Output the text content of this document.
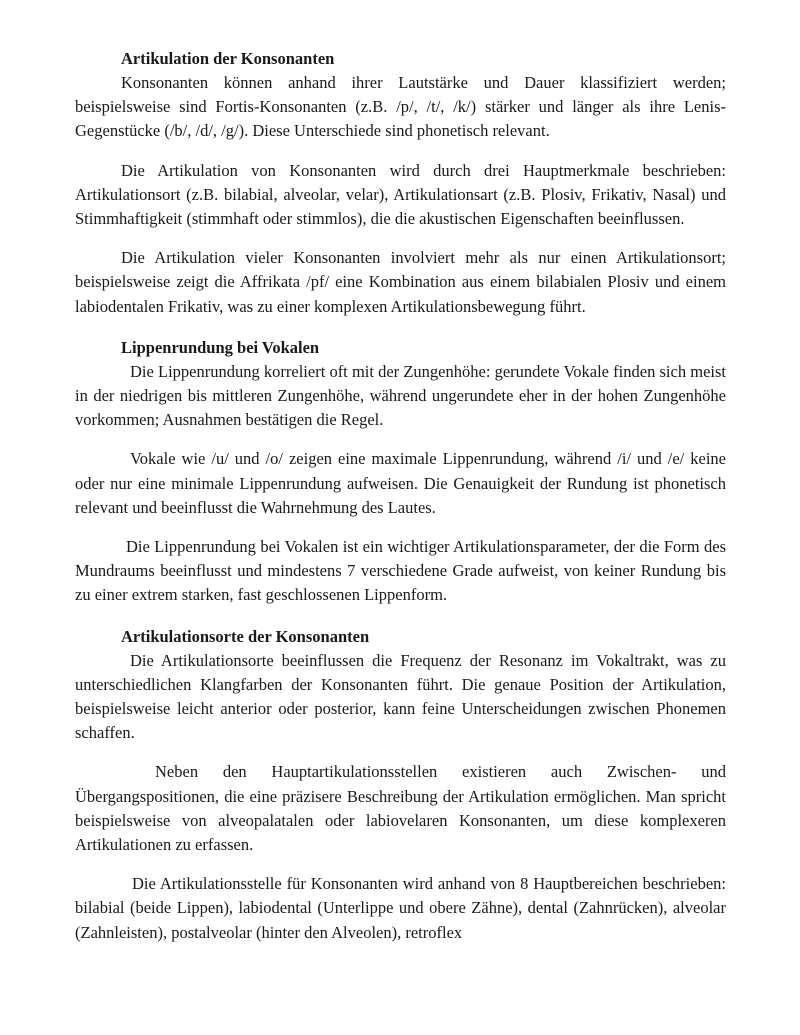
Artikulation der Konsonanten

Konsonanten können anhand ihrer Lautstärke und Dauer klassifiziert werden; beispielsweise sind Fortis-Konsonanten (z.B. /p/, /t/, /k/) stärker und länger als ihre Lenis-Gegenstücke (/b/, /d/, /g/). Diese Unterschiede sind phonetisch relevant.

Die Artikulation von Konsonanten wird durch drei Hauptmerkmale beschrieben: Artikulationsort (z.B. bilabial, alveolar, velar), Artikulationsart (z.B. Plosiv, Frikativ, Nasal) und Stimmhaftigkeit (stimmhaft oder stimmlos), die die akustischen Eigenschaften beeinflussen.

Die Artikulation vieler Konsonanten involviert mehr als nur einen Artikulationsort; beispielsweise zeigt die Affrikata /pf/ eine Kombination aus einem bilabialen Plosiv und einem labiodentalen Frikativ, was zu einer komplexen Artikulationsbewegung führt.

Lippenrundung bei Vokalen

Die Lippenrundung korreliert oft mit der Zungenhöhe: gerundete Vokale finden sich meist in der niedrigen bis mittleren Zungenhöhe, während ungerundete eher in der hohen Zungenhöhe vorkommen; Ausnahmen bestätigen die Regel.

Vokale wie /u/ und /o/ zeigen eine maximale Lippenrundung, während /i/ und /e/ keine oder nur eine minimale Lippenrundung aufweisen. Die Genauigkeit der Rundung ist phonetisch relevant und beeinflusst die Wahrnehmung des Lautes.

Die Lippenrundung bei Vokalen ist ein wichtiger Artikulationsparameter, der die Form des Mundraums beeinflusst und mindestens 7 verschiedene Grade aufweist, von keiner Rundung bis zu einer extrem starken, fast geschlossenen Lippenform.

Artikulationsorte der Konsonanten

Die Artikulationsorte beeinflussen die Frequenz der Resonanz im Vokaltrakt, was zu unterschiedlichen Klangfarben der Konsonanten führt. Die genaue Position der Artikulation, beispielsweise leicht anterior oder posterior, kann feine Unterscheidungen zwischen Phonemen schaffen.

Neben den Hauptartikulationsstellen existieren auch Zwischen- und Übergangspositionen, die eine präzisere Beschreibung der Artikulation ermöglichen. Man spricht beispielsweise von alveopalatalen oder labiovelaren Konsonanten, um diese komplexeren Artikulationen zu erfassen.

Die Artikulationsstelle für Konsonanten wird anhand von 8 Hauptbereichen beschrieben: bilabial (beide Lippen), labiodental (Unterlippe und obere Zähne), dental (Zahnrücken), alveolar (Zahnleisten), postalveolar (hinter den Alveolen), retroflex
